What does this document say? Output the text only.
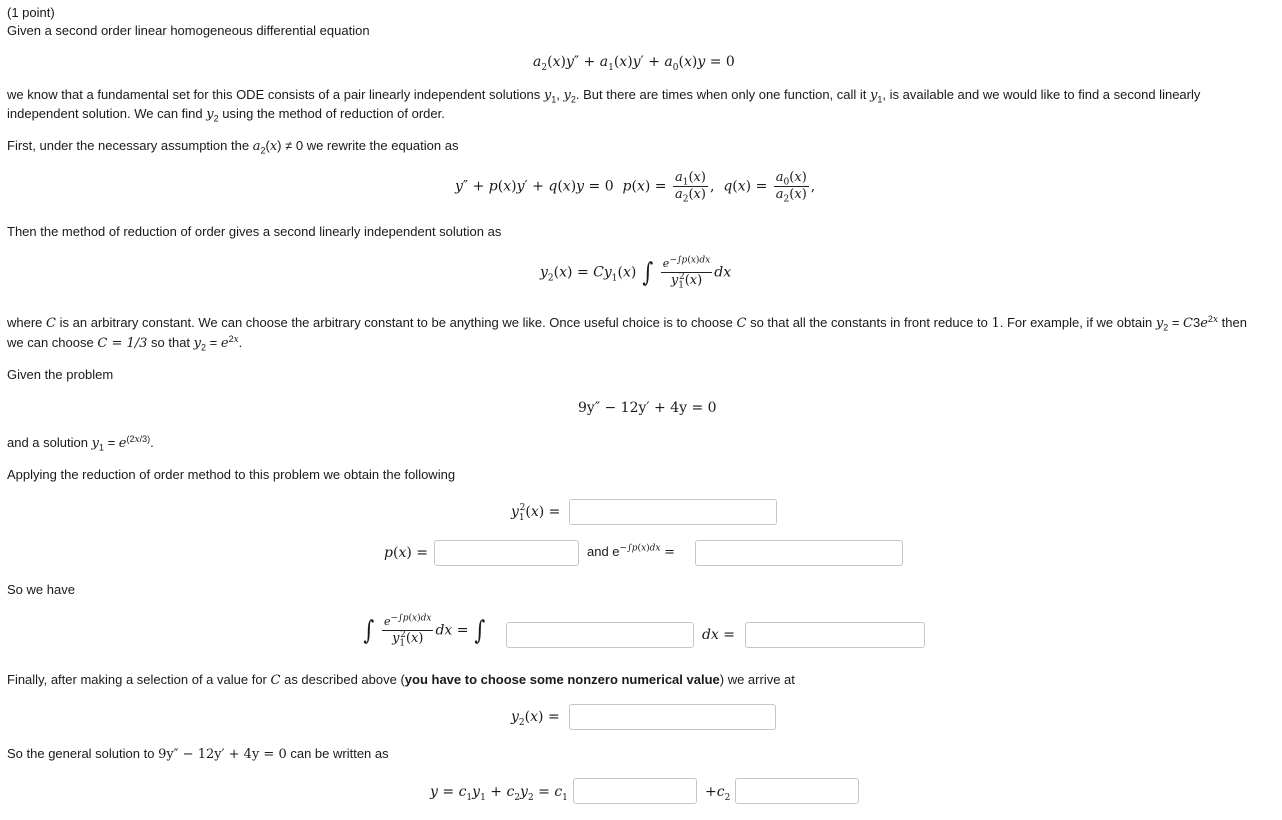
(1 point)
Given a second order linear homogeneous differential equation
$a_2(x)y'' + a_1(x)y' + a_0(x)y = 0$
we know that a fundamental set for this ODE consists of a pair linearly independent solutions $y_1$, $y_2$. But there are times when only one function, call it $y_1$, is available and we would like to find a second linearly
independent solution. We can find $y_2$ using the method of reduction of order.
First, under the necessary assumption the $a_2(x) \ne 0$ we rewrite the equation as
y″ + p(x)y′ + q(x)y = 0  $p(x) = \frac{a_1(x)}{a_2(x)}$ ,  $q(x) = \frac{a_0(x)}{a_2(x)}$ ,
Then the method of reduction of order gives a second linearly independent solution as
$y_2(x) = Cy_1(x)$ ∫ $\frac{e^{-\int p(x)dx}}{y_1^2(x)}$ dx
where C is an arbitrary constant. We can choose the arbitrary constant to be anything we like. Once useful choice is to choose C so that all the constants in front reduce to 1. For example, if we obtain $y_2 = C3e^{2x}$ then
we can choose C = 1/3 so that $y_2 = e^{2x}$.
Given the problem
9y″ − 12y′ + 4y = 0
and a solution $y_1 = e^{(2x/3)}$.
Applying the reduction of order method to this problem we obtain the following
$y_1^2(x)$ =
p(x) =	and $e^{-\int p(x)dx}$ =
So we have
∫ $\frac{e^{-\int p(x)dx}}{y_1^2(x)}$ dx = ∫	dx =
Finally, after making a selection of a value for C as described above (you have to choose some nonzero numerical value) we arrive at
$y_2(x)$ =
So the general solution to 9y″ − 12y′ + 4y = 0 can be written as
$y = c_1y_1 + c_2y_2 = c_1$	$+c_2$
